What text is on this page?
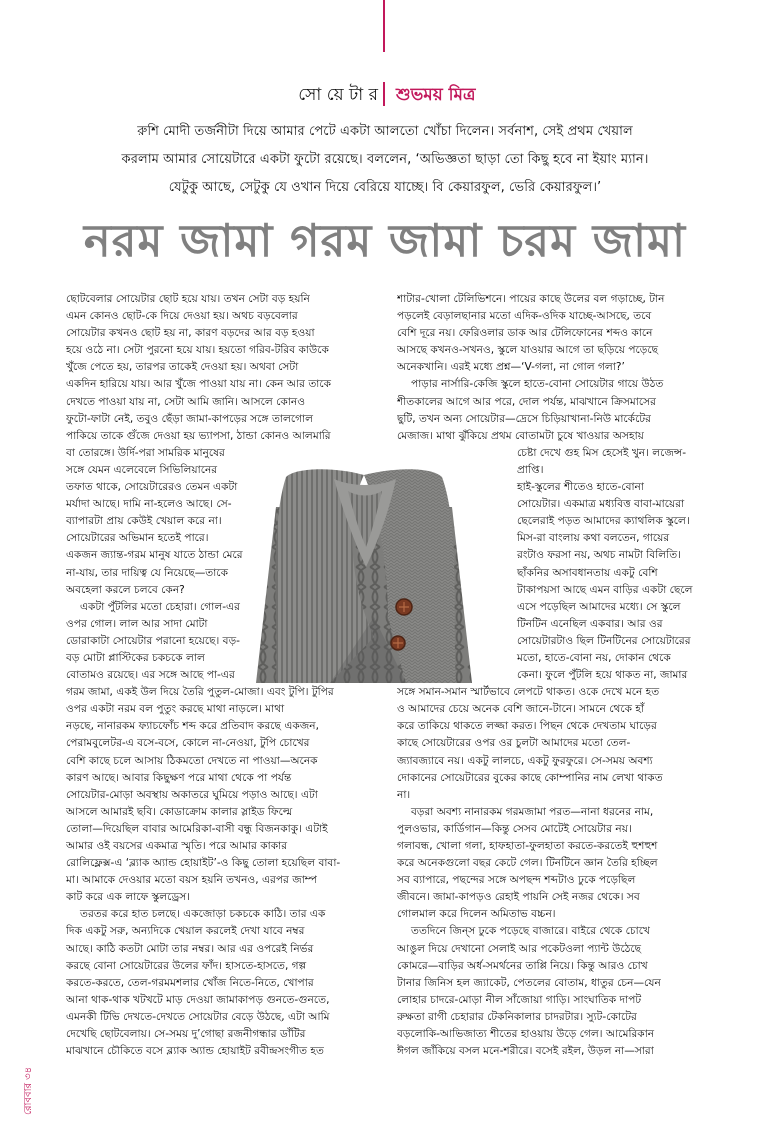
সো য়ে টা র শুভময় মিত্র
রুশি মোদী তর্জনীটা দিয়ে আমার পেটে একটা আলতো খোঁচা দিলেন। সর্বনাশ, সেই প্রথম খেয়াল
করলাম আমার সোয়েটারে একটা ফুটো রয়েছে। বললেন, ‘অভিজ্ঞতা ছাড়া তো কিছু হবে না ইয়াং ম্যান।
যেটুকু আছে, সেটুকু যে ওখান দিয়ে বেরিয়ে যাচ্ছে। বি কেয়ারফুল, ভেরি কেয়ারফুল।’
নরম জামা গরম জামা চরম জামা
ছোটবেলার সোয়েটার ছোট হয়ে যায়। তখন সেটা বড় হয়নি
এমন কোনও ছোট-কে দিয়ে দেওয়া হয়। অথচ বড়বেলার
সোয়েটার কখনও ছোট হয় না, কারণ বড়দের আর বড় হওয়া
হয়ে ওঠে না। সেটা পুরনো হয়ে যায়। হয়তো গরিব-টরিব কাউকে
খুঁজে পেতে হয়, তারপর তাকেই দেওয়া হয়। অথবা সেটা
একদিন হারিয়ে যায়। আর খুঁজে পাওয়া যায় না। কেন আর তাকে
দেখতে পাওয়া যায় না, সেটা আমি জানি। আসলে কোনও
ফুটো-ফাটা নেই, তবুও ছেঁড়া জামা-কাপড়ের সঙ্গে তালগোল
পাকিয়ে তাকে গুঁজে দেওয়া হয় ভ্যাপসা, ঠান্ডা কোনও আলমারি
বা তোরঙ্গে। উর্দি-পরা সামরিক মানুষের
সঙ্গে যেমন এলেবেলে সিভিলিয়ানের
তফাত থাকে, সোয়েটারেরও তেমন একটা
মর্যাদা আছে। দামি না-হলেও আছে। সে-
ব্যাপারটা প্রায় কেউই খেয়াল করে না।
সোয়েটারের অভিমান হতেই পারে।
একজন জ্যান্ত-গরম মানুষ যাতে ঠান্ডা মেরে
না-যায়, তার দায়িত্ব যে নিয়েছে—তাকে
অবহেলা করলে চলবে কেন?
একটা পুঁটলির মতো চেহারা। গোল-এর
ওপর গোল। লাল আর সাদা মোটা
ডোরাকাটা সোয়েটার পরানো হয়েছে। বড়-
বড় মোটা প্লাস্টিকের চকচকে লাল
বোতামও রয়েছে। এর সঙ্গে আছে পা-এর
গরম জামা, একই উল দিয়ে তৈরি পুতুল-মোজা। এবং টুপি। টুপির
ওপর একটা নরম বল পুতুং করছে মাথা নাড়লে। মাথা
নড়ছে, নানারকম ফ্যাচফোঁচ শব্দ করে প্রতিবাদ করছে একজন,
পেরামবুলেটর-এ বসে-বসে, কোলে না-নেওয়া, টুপি চোখের
বেশি কাছে চলে আসায় ঠিকমতো দেখতে না পাওয়া—অনেক
কারণ আছে। আবার কিছুক্ষণ পরে মাথা থেকে পা পর্যন্ত
সোয়েটার-মোড়া অবস্থায় অকাতরে ঘুমিয়ে পড়াও আছে। এটা
আসলে আমারই ছবি। কোডাক্রোম কালার স্লাইড ফিল্মে
তোলা—দিয়েছিল বাবার আমেরিকা-বাসী বন্ধু বিজনকাকু। এটাই
আমার ওই বয়সের একমাত্র স্মৃতি। পরে আমার কাকার
রোলিফ্লেক্স-এ ‘ব্ল্যাক অ্যান্ড হোয়াইট’-ও কিছু তোলা হয়েছিল বাবা-
মা। আমাকে দেওয়ার মতো বয়স হয়নি তখনও, এরপর জাম্প
কাট করে এক লাফে স্কুলড্রেস।
তরতর করে হাত চলছে। একজোড়া চকচকে কাঠি। তার এক
দিক একটু সরু, অন্যদিকে খেয়াল করলেই দেখা যাবে নম্বর
আছে। কাঠি কতটা মোটা তার নম্বর। আর এর ওপরেই নির্ভর
করছে বোনা সোয়েটারের উলের ফাঁদ। হাসতে-হাসতে, গল্প
করতে-করতে, তেল-গরমমশলার খোঁজ নিতে-নিতে, খোপার
আনা থাক-থাক খটখটে মাড় দেওয়া জামাকাপড় গুনতে-গুনতে,
এমনকী টিভি দেখতে-দেখতে সোয়েটার বেড়ে উঠছে, এটা আমি
দেখেছি ছোটবেলায়। সে-সময় দু’গোছা রজনীগন্ধার ডাঁটির
মাঝখানে চৌকিতে বসে ব্ল্যাক অ্যান্ড হোয়াইট রবীন্দ্রসংগীত হত
শাটার-খোলা টেলিভিশনে। পায়ের কাছে উলের বল গড়াচ্ছে, টান
পড়লেই বেড়ালছানার মতো এদিক-ওদিক যাচ্ছে-আসছে, তবে
বেশি দূরে নয়। ফেরিওলার ডাক আর টেলিফোনের শব্দও কানে
আসছে কখনও-সখনও, স্কুলে যাওয়ার আগে তা ছড়িয়ে পড়েছে
অনেকখানি। এরই মধ্যে প্রশ্ন—‘V-গলা, না গোল গলা?’
পাড়ার নার্সারি-কেজি স্কুলে হাতে-বোনা সোয়েটার গায়ে উঠত
শীতকালের আগে আর পরে, দোল পর্যন্ত, মাঝখানে ক্রিসমাসের
ছুটি, তখন অন্য সোয়েটার—দ্রেসে চিড়িয়াখানা-নিউ মার্কেটের
মেজাজ। মাথা ঝুঁকিয়ে প্রথম বোতামটা চুষে খাওয়ার অসহায়
চেষ্টা দেখে গুহ মিস হেসেই খুন। লজেন্স-
প্রাপ্তি।
হাই-স্কুলের শীতেও হাতে-বোনা
সোয়েটার। একমাত্র মধ্যবিত্ত বাবা-মায়েরা
ছেলেরাই পড়ত আমাদের ক্যাথলিক স্কুলে।
মিস-রা বাংলায় কথা বলতেন, গায়ের
রংটাও ফরসা নয়, অথচ নামটা বিলিতি।
ছাঁকনির অসাবধানতায় একটু বেশি
টাকাপয়সা আছে এমন বাড়ির একটা ছেলে
এসে পড়েছিল আমাদের মধ্যে। সে স্কুলে
টিনটিন এনেছিল একবার। আর ওর
সোয়েটারটাও ছিল টিনটিনের সোয়েটারের
মতো, হাতে-বোনা নয়, দোকান থেকে
কেনা। ফুলে পুঁটলি হয়ে থাকত না, জামার
সঙ্গে সমান-সমান স্মার্টভাবে লেপটে থাকত। ওকে দেখে মনে হত
ও আমাদের চেয়ে অনেক বেশি জানে-টানে। সামনে থেকে হাঁ
করে তাকিয়ে থাকতে লজ্জা করত। পিছন থেকে দেখতাম ঘাড়ের
কাছে সোয়েটারের ওপর ওর চুলটা আমাদের মতো তেল-
জ্যাবজ্যাবে নয়। একটু লালচে, একটু ফুরফুরে। সে-সময় অবশ্য
দোকানের সোয়েটারের বুকের কাছে কোম্পানির নাম লেখা থাকত
না।
বড়রা অবশ্য নানারকম গরমজামা পরত—নানা ধরনের নাম,
পুলওভার, কার্ডিগান—কিন্তু সেসব মোটেই সোয়েটার নয়।
গলাবন্ধ, খোলা গলা, হাফহাতা-ফুলহাতা করতে-করতেই হুশহুশ
করে অনেকগুলো বছর কেটে গেল। টিনটিনে জ্ঞান তৈরি হচ্ছিল
সব ব্যাপারে, পছন্দের সঙ্গে অপছন্দ শব্দটাও ঢুকে পড়েছিল
জীবনে। জামা-কাপড়ও রেহাই পায়নি সেই নজর থেকে। সব
গোলমাল করে দিলেন অমিতাভ বচ্চন।
ততদিনে জিন্‌স ঢুকে পড়েছে বাজারে। বাইরে থেকে চোখে
আঙুল দিয়ে দেখানো সেলাই আর পকেটওলা প্যান্ট উঠেছে
কোমরে—বাড়ির অর্ধ-সমর্থনের তাপ্পি নিয়ে। কিন্তু আরও চোখ
টানার জিনিস হল জ্যাকেট, পেতলের বোতাম, ধাতুর চেন—যেন
লোহার চাদরে-মোড়া নীল সাঁজোয়া গাড়ি। সাংঘাতিক দাপট
রুক্ষতা রাগী চেহারার টেকনিকালার চাদরটার। স্যুট-কোটের
বড়লোকি-আভিজাত্য শীতের হাওয়ায় উড়ে গেল। আমেরিকান
ঈগল জাঁকিয়ে বসল মনে-শরীরে। বসেই রইল, উড়ল না—সারা
রোববার ৩৪
